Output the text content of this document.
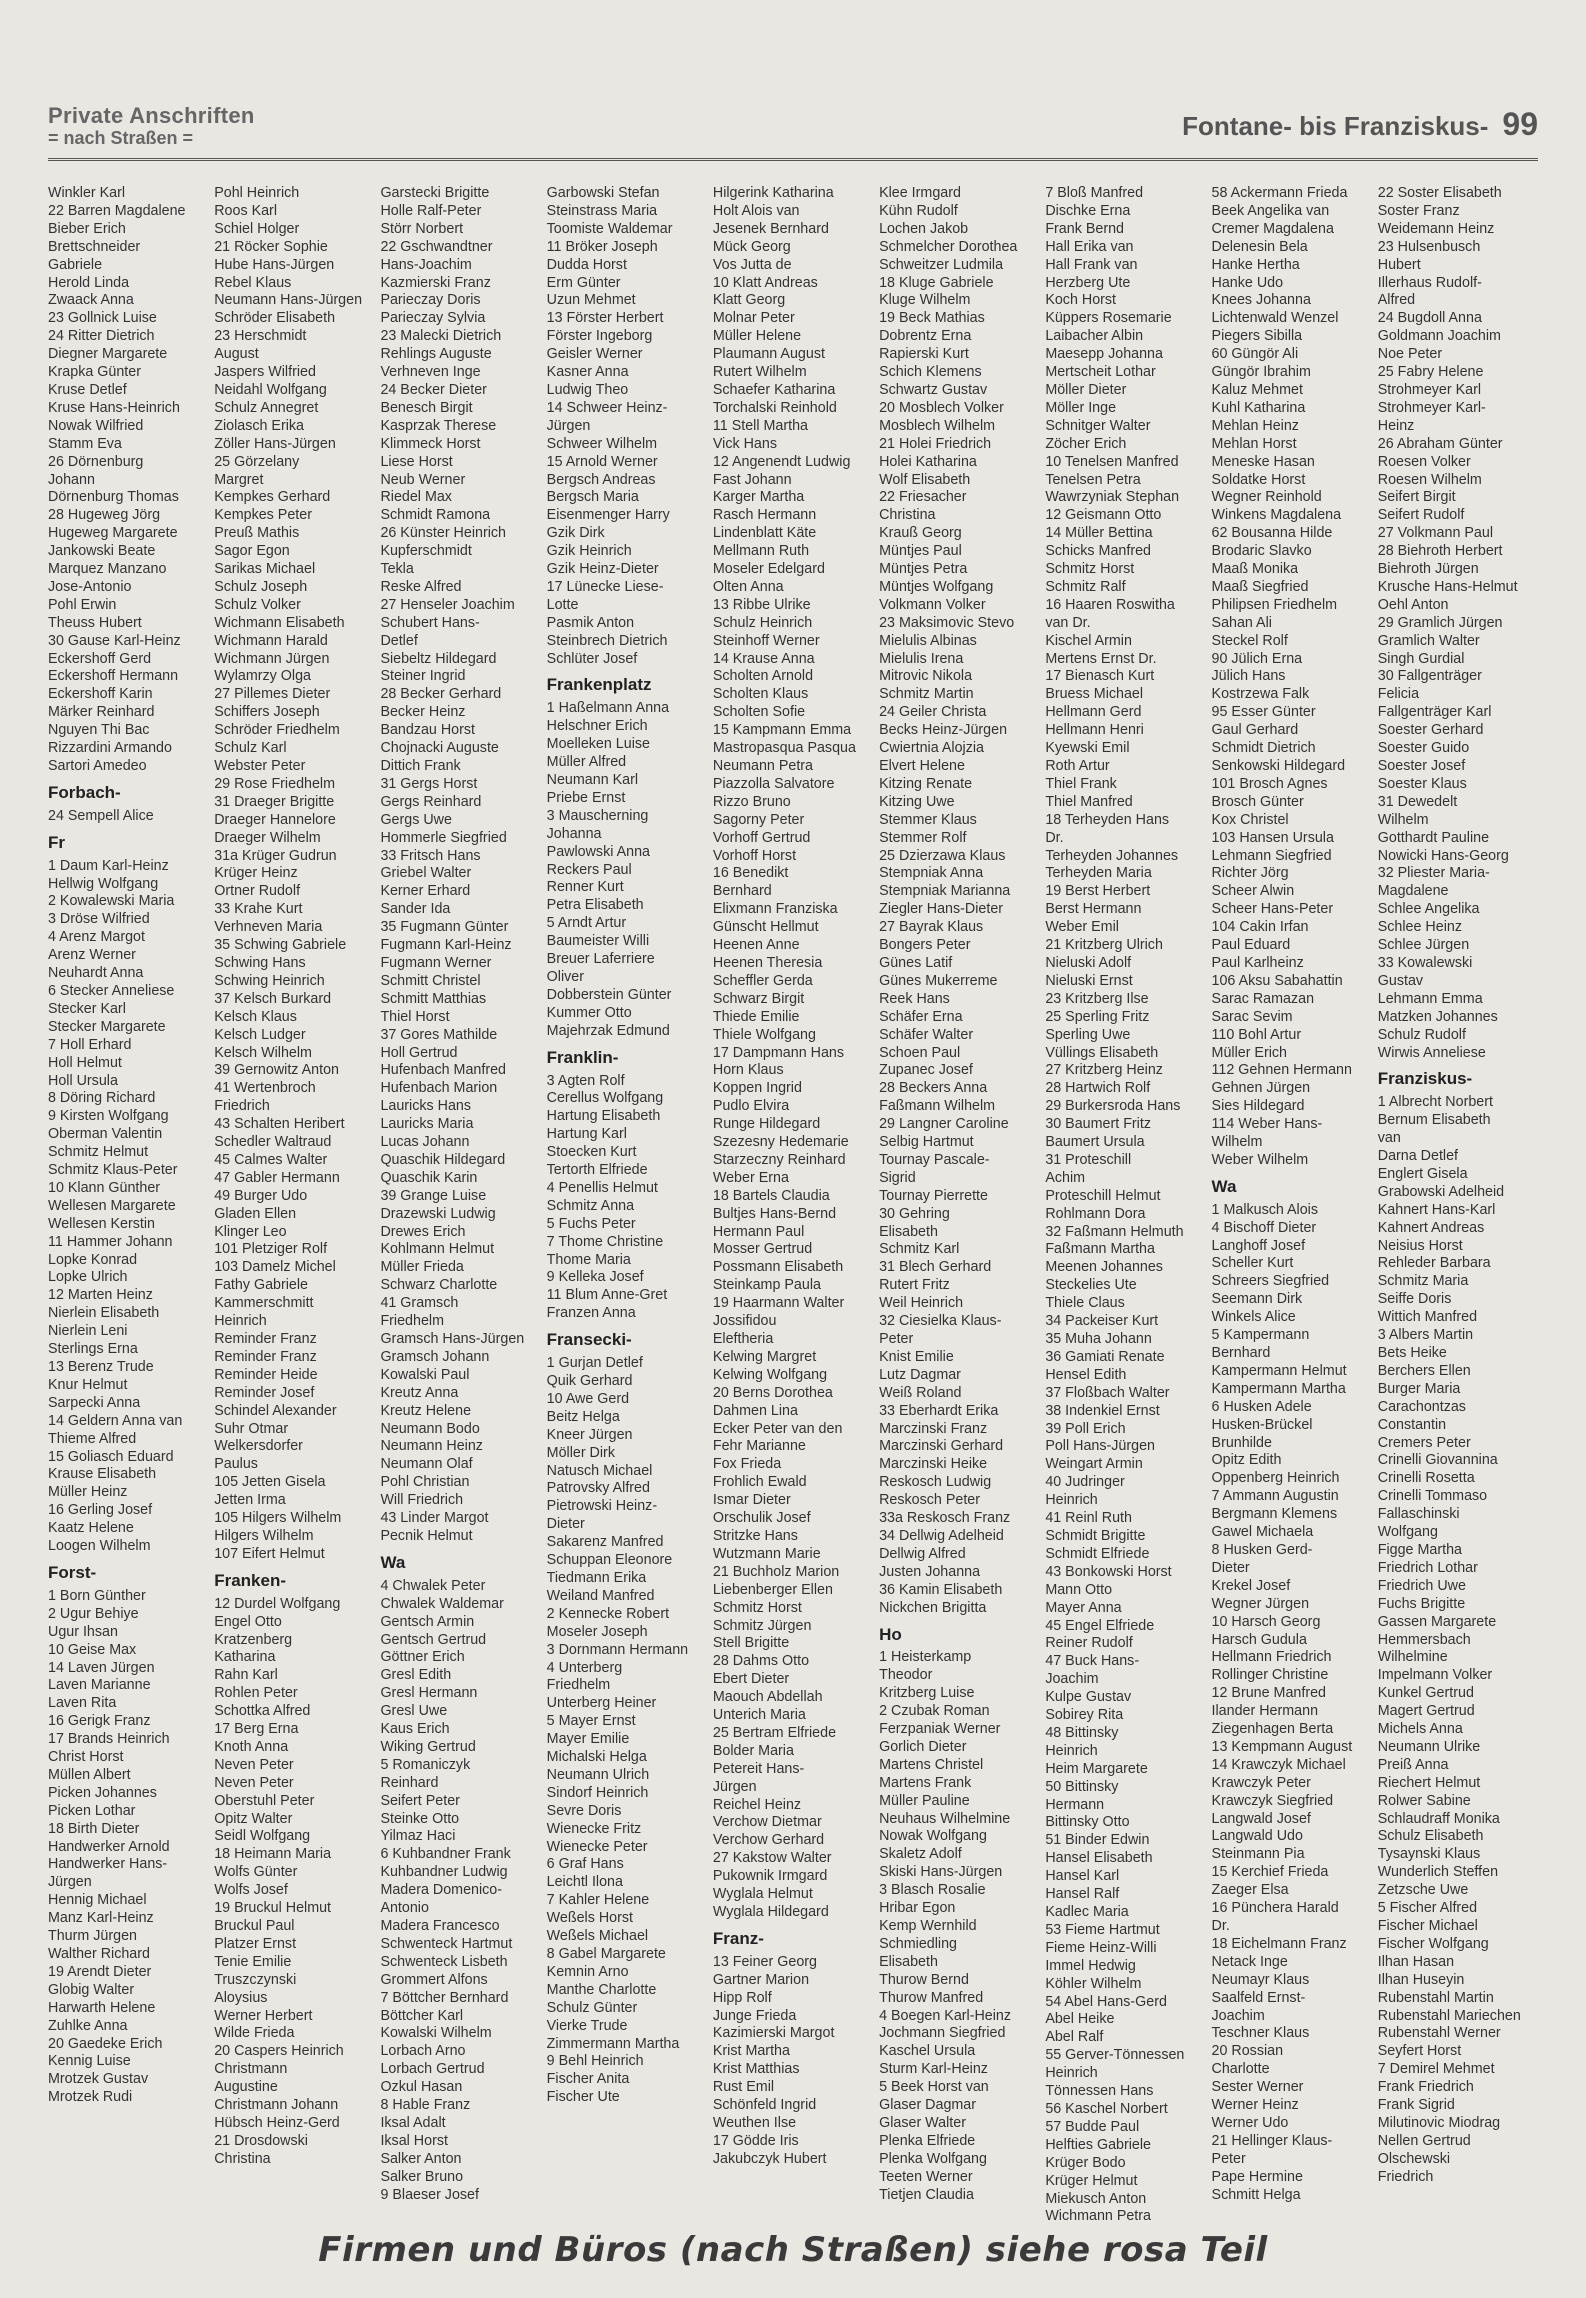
Private Anschriften
= nach Straßen =	Fontane- bis Franziskus- 99
Winkler Karl
22 Barren Magdalene
Bieber Erich
Brettschneider
Gabriele
Herold Linda
Zwaack Anna
23 Gollnick Luise
24 Ritter Dietrich
Diegner Margarete
Krapka Günter
Kruse Detlef
Kruse Hans-Heinrich
Nowak Wilfried
Stamm Eva
26 Dörnenburg
Johann
Dörnenburg Thomas
28 Hugeweg Jörg
Hugeweg Margarete
Jankowski Beate
Marquez Manzano
Jose-Antonio
Pohl Erwin
Theuss Hubert
30 Gause Karl-Heinz
Eckershoff Gerd
Eckershoff Hermann
Eckershoff Karin
Märker Reinhard
Nguyen Thi Bac
Rizzardini Armando
Sartori Amedeo
Forbach-
24 Sempell Alice
Fr
1 Daum Karl-Heinz
Hellwig Wolfgang
2 Kowalewski Maria
3 Dröse Wilfried
4 Arenz Margot
Arenz Werner
Neuhardt Anna
6 Stecker Anneliese
Stecker Karl
Stecker Margarete
7 Holl Erhard
Holl Helmut
Holl Ursula
8 Döring Richard
9 Kirsten Wolfgang
Oberman Valentin
Schmitz Helmut
Schmitz Klaus-Peter
10 Klann Günther
Wellesen Margarete
Wellesen Kerstin
11 Hammer Johann
Lopke Konrad
Lopke Ulrich
12 Marten Heinz
Nierlein Elisabeth
Nierlein Leni
Sterlings Erna
13 Berenz Trude
Knur Helmut
Sarpecki Anna
14 Geldern Anna van
Thieme Alfred
15 Goliasch Eduard
Krause Elisabeth
Müller Heinz
16 Gerling Josef
Kaatz Helene
Loogen Wilhelm
Forst-
1 Born Günther
2 Ugur Behiye
Ugur Ihsan
10 Geise Max
14 Laven Jürgen
Laven Marianne
Laven Rita
16 Gerigk Franz
17 Brands Heinrich
Christ Horst
Müllen Albert
Picken Johannes
Picken Lothar
18 Birth Dieter
Handwerker Arnold
Handwerker Hans-
Jürgen
Hennig Michael
Manz Karl-Heinz
Thurm Jürgen
Walther Richard
19 Arendt Dieter
Globig Walter
Harwarth Helene
Zuhlke Anna
20 Gaedeke Erich
Kennig Luise
Mrotzek Gustav
Mrotzek Rudi
Pohl Heinrich
Roos Karl
Schiel Holger
21 Röcker Sophie
Hube Hans-Jürgen
Rebel Klaus
Neumann Hans-Jürgen
Schröder Elisabeth
23 Herschmidt
August
Jaspers Wilfried
Neidahl Wolfgang
Schulz Annegret
Ziolasch Erika
Zöller Hans-Jürgen
25 Görzelany
Margret
Kempkes Gerhard
Kempkes Peter
Preuß Mathis
Sagor Egon
Sarikas Michael
Schulz Joseph
Schulz Volker
Wichmann Elisabeth
Wichmann Harald
Wichmann Jürgen
Wylamrzy Olga
27 Pillemes Dieter
Schiffers Joseph
Schröder Friedhelm
Schulz Karl
Webster Peter
29 Rose Friedhelm
31 Draeger Brigitte
Draeger Hannelore
Draeger Wilhelm
31a Krüger Gudrun
Krüger Heinz
Ortner Rudolf
33 Krahe Kurt
Verhneven Maria
35 Schwing Gabriele
Schwing Hans
Schwing Heinrich
37 Kelsch Burkard
Kelsch Klaus
Kelsch Ludger
Kelsch Wilhelm
39 Gernowitz Anton
41 Wertenbroch
Friedrich
43 Schalten Heribert
Schedler Waltraud
45 Calmes Walter
47 Gabler Hermann
49 Burger Udo
Gladen Ellen
Klinger Leo
101 Pletziger Rolf
103 Damelz Michel
Fathy Gabriele
Kammerschmitt
Heinrich
Reminder Franz
Reminder Franz
Reminder Heide
Reminder Josef
Schindel Alexander
Suhr Otmar
Welkersdorfer
Paulus
105 Jetten Gisela
Jetten Irma
105 Hilgers Wilhelm
Hilgers Wilhelm
107 Eifert Helmut
Franken-
12 Durdel Wolfgang
Engel Otto
Kratzenberg
Katharina
Rahn Karl
Rohlen Peter
Schottka Alfred
17 Berg Erna
Knoth Anna
Neven Peter
Neven Peter
Oberstuhl Peter
Opitz Walter
Seidl Wolfgang
18 Heimann Maria
Wolfs Günter
Wolfs Josef
19 Bruckul Helmut
Bruckul Paul
Platzer Ernst
Tenie Emilie
Truszczynski
Aloysius
Werner Herbert
Wilde Frieda
20 Caspers Heinrich
Christmann
Augustine
Christmann Johann
Hübsch Heinz-Gerd
21 Drosdowski
Christina
Garstecki Brigitte
Holle Ralf-Peter
Störr Norbert
22 Gschwandtner
Hans-Joachim
Kazmierski Franz
Parieczay Doris
Parieczay Sylvia
23 Malecki Dietrich
Rehlings Auguste
Verhneven Inge
24 Becker Dieter
Benesch Birgit
Kasprzak Therese
Klimmeck Horst
Liese Horst
Neub Werner
Riedel Max
Schmidt Ramona
26 Künster Heinrich
Kupferschmidt
Tekla
Reske Alfred
27 Henseler Joachim
Schubert Hans-
Detlef
Siebeltz Hildegard
Steiner Ingrid
28 Becker Gerhard
Becker Heinz
Bandzau Horst
Chojnacki Auguste
Dittich Frank
31 Gergs Horst
Gergs Reinhard
Gergs Uwe
Hommerle Siegfried
33 Fritsch Hans
Griebel Walter
Kerner Erhard
Sander Ida
35 Fugmann Günter
Fugmann Karl-Heinz
Fugmann Werner
Schmitt Christel
Schmitt Matthias
Thiel Horst
37 Gores Mathilde
Holl Gertrud
Hufenbach Manfred
Hufenbach Marion
Lauricks Hans
Lauricks Maria
Lucas Johann
Quaschik Hildegard
Quaschik Karin
39 Grange Luise
Drazewski Ludwig
Drewes Erich
Kohlmann Helmut
Müller Frieda
Schwarz Charlotte
41 Gramsch
Friedhelm
Gramsch Hans-Jürgen
Gramsch Johann
Kowalski Paul
Kreutz Anna
Kreutz Helene
Neumann Bodo
Neumann Heinz
Neumann Olaf
Pohl Christian
Will Friedrich
43 Linder Margot
Pecnik Helmut
Wa
4 Chwalek Peter
Chwalek Waldemar
Gentsch Armin
Gentsch Gertrud
Göttner Erich
Gresl Edith
Gresl Hermann
Gresl Uwe
Kaus Erich
Wiking Gertrud
5 Romaniczyk
Reinhard
Seifert Peter
Steinke Otto
Yilmaz Haci
6 Kuhbandner Frank
Kuhbandner Ludwig
Madera Domenico-
Antonio
Madera Francesco
Schwenteck Hartmut
Schwenteck Lisbeth
Grommert Alfons
7 Böttcher Bernhard
Böttcher Karl
Kowalski Wilhelm
Lorbach Arno
Lorbach Gertrud
Ozkul Hasan
8 Hable Franz
Iksal Adalt
Iksal Horst
Salker Anton
Salker Bruno
9 Blaeser Josef
Garbowski Stefan
Steinstrass Maria
Toomiste Waldemar
11 Bröker Joseph
Dudda Horst
Erm Günter
Uzun Mehmet
13 Förster Herbert
Förster Ingeborg
Geisler Werner
Kasner Anna
Ludwig Theo
14 Schweer Heinz-
Jürgen
Schweer Wilhelm
15 Arnold Werner
Bergsch Andreas
Bergsch Maria
Eisenmenger Harry
Gzik Dirk
Gzik Heinrich
Gzik Heinz-Dieter
17 Lünecke Liese-
Lotte
Pasmik Anton
Steinbrech Dietrich
Schlüter Josef
Frankenplatz
1 Haßelmann Anna
Helschner Erich
Moelleken Luise
Müller Alfred
Neumann Karl
Priebe Ernst
3 Mauscherning
Johanna
Pawlowski Anna
Reckers Paul
Renner Kurt
Petra Elisabeth
5 Arndt Artur
Baumeister Willi
Breuer Laferriere
Oliver
Dobberstein Günter
Kummer Otto
Majehrzak Edmund
Franklin-
3 Agten Rolf
Cerellus Wolfgang
Hartung Elisabeth
Hartung Karl
Stoecken Kurt
Tertorth Elfriede
4 Penellis Helmut
Schmitz Anna
5 Fuchs Peter
7 Thome Christine
Thome Maria
9 Kelleka Josef
11 Blum Anne-Gret
Franzen Anna
Fransecki-
1 Gurjan Detlef
Quik Gerhard
10 Awe Gerd
Beitz Helga
Kneer Jürgen
Möller Dirk
Natusch Michael
Patrovsky Alfred
Pietrowski Heinz-
Dieter
Sakarenz Manfred
Schuppan Eleonore
Tiedmann Erika
Weiland Manfred
2 Kennecke Robert
Moseler Joseph
3 Dornmann Hermann
4 Unterberg
Friedhelm
Unterberg Heiner
5 Mayer Ernst
Mayer Emilie
Michalski Helga
Neumann Ulrich
Sindorf Heinrich
Sevre Doris
Wienecke Fritz
Wienecke Peter
6 Graf Hans
Leichtl Ilona
7 Kahler Helene
Weßels Horst
Weßels Michael
8 Gabel Margarete
Kemnin Arno
Manthe Charlotte
Schulz Günter
Vierke Trude
Zimmermann Martha
9 Behl Heinrich
Fischer Anita
Fischer Ute
Hilgerink Katharina
Holt Alois van
Jesenek Bernhard
Mück Georg
Vos Jutta de
10 Klatt Andreas
Klatt Georg
Molnar Peter
Müller Helene
Plaumann August
Rutert Wilhelm
Schaefer Katharina
Torchalski Reinhold
11 Stell Martha
Vick Hans
12 Angenendt Ludwig
Fast Johann
Karger Martha
Rasch Hermann
Lindenblatt Käte
Mellmann Ruth
Moseler Edelgard
Olten Anna
13 Ribbe Ulrike
Schulz Heinrich
Steinhoff Werner
14 Krause Anna
Scholten Arnold
Scholten Klaus
Scholten Sofie
15 Kampmann Emma
Mastropasqua Pasqua
Neumann Petra
Piazzolla Salvatore
Rizzo Bruno
Sagorny Peter
Vorhoff Gertrud
Vorhoff Horst
16 Benedikt
Bernhard
Elixmann Franziska
Günscht Hellmut
Heenen Anne
Heenen Theresia
Scheffler Gerda
Schwarz Birgit
Thiede Emilie
Thiele Wolfgang
17 Dampmann Hans
Horn Klaus
Koppen Ingrid
Pudlo Elvira
Runge Hildegard
Szezesny Hedemarie
Starzeczny Reinhard
Weber Erna
18 Bartels Claudia
Bultjes Hans-Bernd
Hermann Paul
Mosser Gertrud
Possmann Elisabeth
Steinkamp Paula
19 Haarmann Walter
Jossifidou
Eleftheria
Kelwing Margret
Kelwing Wolfgang
20 Berns Dorothea
Dahmen Lina
Ecker Peter van den
Fehr Marianne
Fox Frieda
Frohlich Ewald
Ismar Dieter
Orschulik Josef
Stritzke Hans
Wutzmann Marie
21 Buchholz Marion
Liebenberger Ellen
Schmitz Horst
Schmitz Jürgen
Stell Brigitte
28 Dahms Otto
Ebert Dieter
Maouch Abdellah
Unterich Maria
25 Bertram Elfriede
Bolder Maria
Petereit Hans-
Jürgen
Reichel Heinz
Verchow Dietmar
Verchow Gerhard
27 Kakstow Walter
Pukownik Irmgard
Wyglala Helmut
Wyglala Hildegard
Franz-
13 Feiner Georg
Gartner Marion
Hipp Rolf
Junge Frieda
Kazimierski Margot
Krist Martha
Krist Matthias
Rust Emil
Schönfeld Ingrid
Weuthen Ilse
17 Gödde Iris
Jakubczyk Hubert
Klee Irmgard
Kühn Rudolf
Lochen Jakob
Schmelcher Dorothea
Schweitzer Ludmila
18 Kluge Gabriele
Kluge Wilhelm
19 Beck Mathias
Dobrentz Erna
Rapierski Kurt
Schich Klemens
Schwartz Gustav
20 Mosblech Volker
Mosblech Wilhelm
21 Holei Friedrich
Holei Katharina
Wolf Elisabeth
22 Friesacher
Christina
Krauß Georg
Müntjes Paul
Müntjes Petra
Müntjes Wolfgang
Volkmann Volker
23 Maksimovic Stevo
Mielulis Albinas
Mielulis Irena
Mitrovic Nikola
Schmitz Martin
24 Geiler Christa
Becks Heinz-Jürgen
Cwiertnia Alojzia
Elvert Helene
Kitzing Renate
Kitzing Uwe
Stemmer Klaus
Stemmer Rolf
25 Dzierzawa Klaus
Stempniak Anna
Stempniak Marianna
Ziegler Hans-Dieter
27 Bayrak Klaus
Bongers Peter
Günes Latif
Günes Mukerreme
Reek Hans
Schäfer Erna
Schäfer Walter
Schoen Paul
Zupanec Josef
28 Beckers Anna
Faßmann Wilhelm
29 Langner Caroline
Selbig Hartmut
Tournay Pascale-
Sigrid
Tournay Pierrette
30 Gehring
Elisabeth
Schmitz Karl
31 Blech Gerhard
Rutert Fritz
Weil Heinrich
32 Ciesielka Klaus-
Peter
Knist Emilie
Lutz Dagmar
Weiß Roland
33 Eberhardt Erika
Marczinski Franz
Marczinski Gerhard
Marczinski Heike
Reskosch Ludwig
Reskosch Peter
33a Reskosch Franz
34 Dellwig Adelheid
Dellwig Alfred
Justen Johanna
36 Kamin Elisabeth
Nickchen Brigitta
Ho
1 Heisterkamp
Theodor
Kritzberg Luise
2 Czubak Roman
Ferzpaniak Werner
Gorlich Dieter
Martens Christel
Martens Frank
Müller Pauline
Neuhaus Wilhelmine
Nowak Wolfgang
Skaletz Adolf
Skiski Hans-Jürgen
3 Blasch Rosalie
Hribar Egon
Kemp Wernhild
Schmiedling
Elisabeth
Thurow Bernd
Thurow Manfred
4 Boegen Karl-Heinz
Jochmann Siegfried
Kaschel Ursula
Sturm Karl-Heinz
5 Beek Horst van
Glaser Dagmar
Glaser Walter
Plenka Elfriede
Plenka Wolfgang
Teeten Werner
Tietjen Claudia
7 Bloß Manfred
Dischke Erna
Frank Bernd
Hall Erika van
Hall Frank van
Herzberg Ute
Koch Horst
Küppers Rosemarie
Laibacher Albin
Maesepp Johanna
Mertscheit Lothar
Möller Dieter
Möller Inge
Schnitger Walter
Zöcher Erich
10 Tenelsen Manfred
Tenelsen Petra
Wawrzyniak Stephan
12 Geismann Otto
14 Müller Bettina
Schicks Manfred
Schmitz Horst
Schmitz Ralf
16 Haaren Roswitha
van Dr.
Kischel Armin
Mertens Ernst Dr.
17 Bienasch Kurt
Bruess Michael
Hellmann Gerd
Hellmann Henri
Kyewski Emil
Roth Artur
Thiel Frank
Thiel Manfred
18 Terheyden Hans
Dr.
Terheyden Johannes
Terheyden Maria
19 Berst Herbert
Berst Hermann
Weber Emil
21 Kritzberg Ulrich
Nieluski Adolf
Nieluski Ernst
23 Kritzberg Ilse
25 Sperling Fritz
Sperling Uwe
Vüllings Elisabeth
27 Kritzberg Heinz
28 Hartwich Rolf
29 Burkersroda Hans
30 Baumert Fritz
Baumert Ursula
31 Proteschill
Achim
Proteschill Helmut
Rohlmann Dora
32 Faßmann Helmuth
Faßmann Martha
Meenen Johannes
Steckelies Ute
Thiele Claus
34 Packeiser Kurt
35 Muha Johann
36 Gamiati Renate
Hensel Edith
37 Floßbach Walter
38 Indenkiel Ernst
39 Poll Erich
Poll Hans-Jürgen
Weingart Armin
40 Judringer
Heinrich
41 Reinl Ruth
Schmidt Brigitte
Schmidt Elfriede
43 Bonkowski Horst
Mann Otto
Mayer Anna
45 Engel Elfriede
Reiner Rudolf
47 Buck Hans-
Joachim
Kulpe Gustav
Sobirey Rita
48 Bittinsky
Heinrich
Heim Margarete
50 Bittinsky
Hermann
Bittinsky Otto
51 Binder Edwin
Hansel Elisabeth
Hansel Karl
Hansel Ralf
Kadlec Maria
53 Fieme Hartmut
Fieme Heinz-Willi
Immel Hedwig
Köhler Wilhelm
54 Abel Hans-Gerd
Abel Heike
Abel Ralf
55 Gerver-Tönnessen
Heinrich
Tönnessen Hans
56 Kaschel Norbert
57 Budde Paul
Helfties Gabriele
Krüger Bodo
Krüger Helmut
Miekusch Anton
Wichmann Petra
58 Ackermann Frieda
Beek Angelika van
Cremer Magdalena
Delenesin Bela
Hanke Hertha
Hanke Udo
Knees Johanna
Lichtenwald Wenzel
Piegers Sibilla
60 Güngör Ali
Güngör Ibrahim
Kaluz Mehmet
Kuhl Katharina
Mehlan Heinz
Mehlan Horst
Meneske Hasan
Soldatke Horst
Wegner Reinhold
Winkens Magdalena
62 Bousanna Hilde
Brodaric Slavko
Maaß Monika
Maaß Siegfried
Philipsen Friedhelm
Sahan Ali
Steckel Rolf
90 Jülich Erna
Jülich Hans
Kostrzewa Falk
95 Esser Günter
Gaul Gerhard
Schmidt Dietrich
Senkowski Hildegard
101 Brosch Agnes
Brosch Günter
Kox Christel
103 Hansen Ursula
Lehmann Siegfried
Richter Jörg
Scheer Alwin
Scheer Hans-Peter
104 Cakin Irfan
Paul Eduard
Paul Karlheinz
106 Aksu Sabahattin
Sarac Ramazan
Sarac Sevim
110 Bohl Artur
Müller Erich
112 Gehnen Hermann
Gehnen Jürgen
Sies Hildegard
114 Weber Hans-
Wilhelm
Weber Wilhelm
Wa
1 Malkusch Alois
4 Bischoff Dieter
Langhoff Josef
Scheller Kurt
Schreers Siegfried
Seemann Dirk
Winkels Alice
5 Kampermann
Bernhard
Kampermann Helmut
Kampermann Martha
6 Husken Adele
Husken-Brückel
Brunhilde
Opitz Edith
Oppenberg Heinrich
7 Ammann Augustin
Bergmann Klemens
Gawel Michaela
8 Husken Gerd-
Dieter
Krekel Josef
Wegner Jürgen
10 Harsch Georg
Harsch Gudula
Hellmann Friedrich
Rollinger Christine
12 Brune Manfred
Ilander Hermann
Ziegenhagen Berta
13 Kempmann August
14 Krawczyk Michael
Krawczyk Peter
Krawczyk Siegfried
Langwald Josef
Langwald Udo
Steinmann Pia
15 Kerchief Frieda
Zaeger Elsa
16 Pünchera Harald
Dr.
18 Eichelmann Franz
Netack Inge
Neumayr Klaus
Saalfeld Ernst-
Joachim
Teschner Klaus
20 Rossian
Charlotte
Sester Werner
Werner Heinz
Werner Udo
21 Hellinger Klaus-
Peter
Pape Hermine
Schmitt Helga
22 Soster Elisabeth
Soster Franz
Weidemann Heinz
23 Hulsenbusch
Hubert
Illerhaus Rudolf-
Alfred
24 Bugdoll Anna
Goldmann Joachim
Noe Peter
25 Fabry Helene
Strohmeyer Karl
Strohmeyer Karl-
Heinz
26 Abraham Günter
Roesen Volker
Roesen Wilhelm
Seifert Birgit
Seifert Rudolf
27 Volkmann Paul
28 Biehroth Herbert
Biehroth Jürgen
Krusche Hans-Helmut
Oehl Anton
29 Gramlich Jürgen
Gramlich Walter
Singh Gurdial
30 Fallgenträger
Felicia
Fallgenträger Karl
Soester Gerhard
Soester Guido
Soester Josef
Soester Klaus
31 Dewedelt
Wilhelm
Gotthardt Pauline
Nowicki Hans-Georg
32 Pliester Maria-
Magdalene
Schlee Angelika
Schlee Heinz
Schlee Jürgen
33 Kowalewski
Gustav
Lehmann Emma
Matzken Johannes
Schulz Rudolf
Wirwis Anneliese
Franziskus-
1 Albrecht Norbert
Bernum Elisabeth
van
Darna Detlef
Englert Gisela
Grabowski Adelheid
Kahnert Hans-Karl
Kahnert Andreas
Neisius Horst
Rehleder Barbara
Schmitz Maria
Seiffe Doris
Wittich Manfred
3 Albers Martin
Bets Heike
Berchers Ellen
Burger Maria
Carachontzas
Constantin
Cremers Peter
Crinelli Giovannina
Crinelli Rosetta
Crinelli Tommaso
Fallaschinski
Wolfgang
Figge Martha
Friedrich Lothar
Friedrich Uwe
Fuchs Brigitte
Gassen Margarete
Hemmersbach
Wilhelmine
Impelmann Volker
Kunkel Gertrud
Magert Gertrud
Michels Anna
Neumann Ulrike
Preiß Anna
Riechert Helmut
Rolwer Sabine
Schlaudraff Monika
Schulz Elisabeth
Tysaynski Klaus
Wunderlich Steffen
Zetzsche Uwe
5 Fischer Alfred
Fischer Michael
Fischer Wolfgang
Ilhan Hasan
Ilhan Huseyin
Rubenstahl Martin
Rubenstahl Mariechen
Rubenstahl Werner
Seyfert Horst
7 Demirel Mehmet
Frank Friedrich
Frank Sigrid
Milutinovic Miodrag
Nellen Gertrud
Olschewski
Friedrich
Firmen und Büros (nach Straßen) siehe rosa Teil
